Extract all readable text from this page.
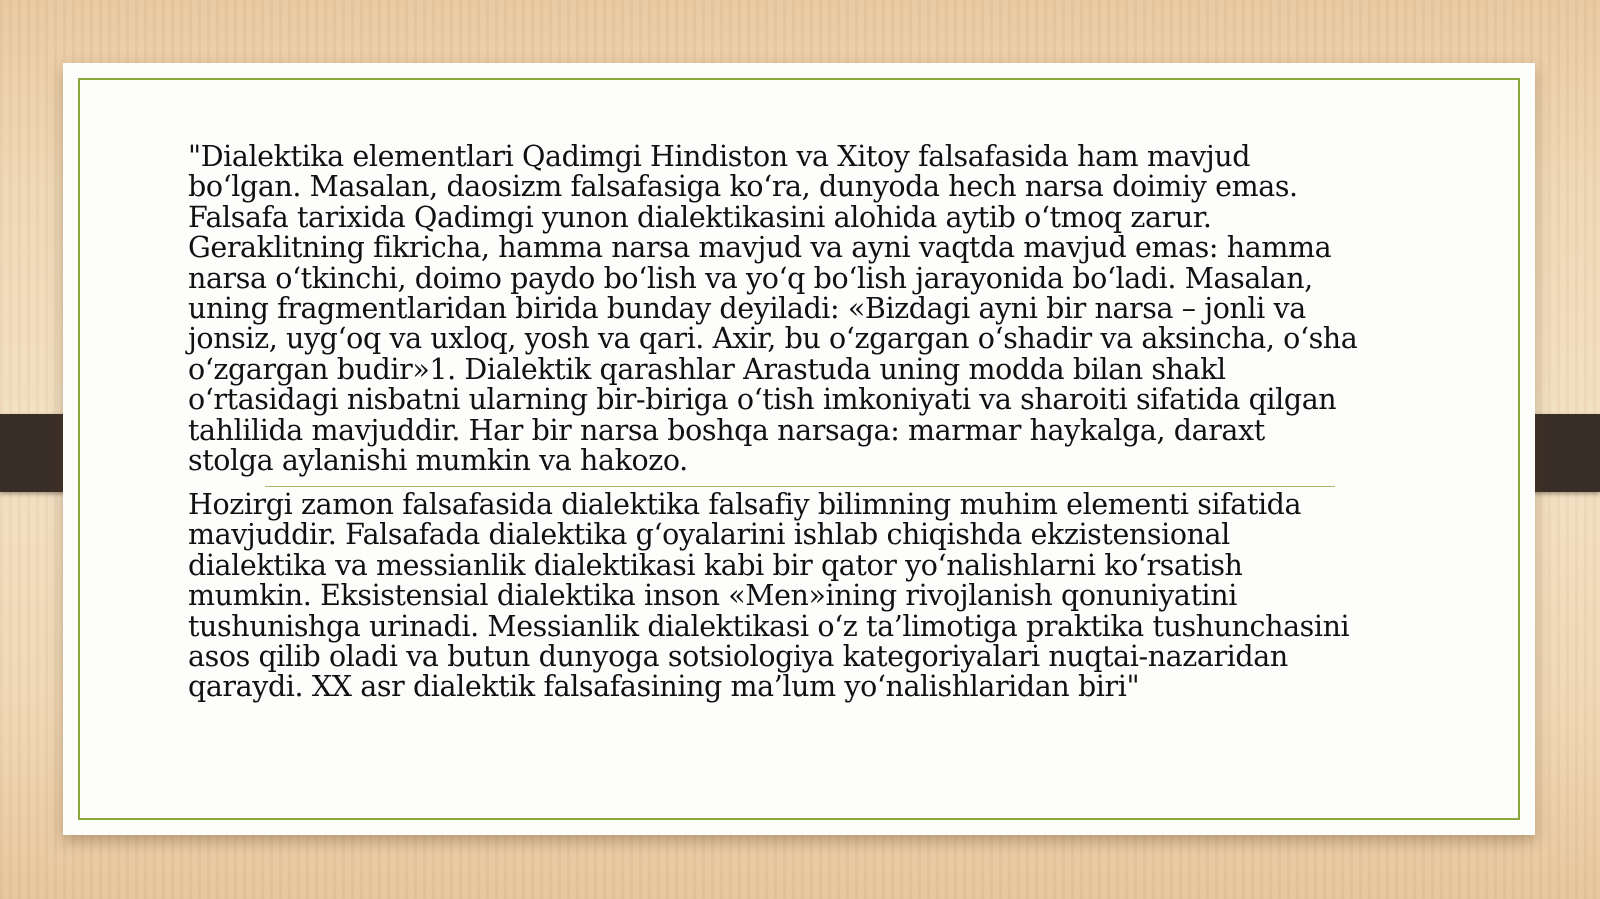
"Dialektika elementlari Qadimgi Hindiston va Xitoy falsafasida ham mavjud
bo‘lgan. Masalan, daosizm falsafasiga ko‘ra, dunyoda hech narsa doimiy emas.
Falsafa tarixida Qadimgi yunon dialektikasini alohida aytib o‘tmoq zarur.
Geraklitning fikricha, hamma narsa mavjud va ayni vaqtda mavjud emas: hamma
narsa o‘tkinchi, doimo paydo bo‘lish va yo‘q bo‘lish jarayonida bo‘ladi. Masalan,
uning fragmentlaridan birida bunday deyiladi: «Bizdagi ayni bir narsa – jonli va
jonsiz, uyg‘oq va uxloq, yosh va qari. Axir, bu o‘zgargan o‘shadir va aksincha, o‘sha
o‘zgargan budir»1. Dialektik qarashlar Arastuda uning modda bilan shakl
o‘rtasidagi nisbatni ularning bir-biriga o‘tish imkoniyati va sharoiti sifatida qilgan
tahlilida mavjuddir. Har bir narsa boshqa narsaga: marmar haykalga, daraxt
stolga aylanishi mumkin va hakozo.

Hozirgi zamon falsafasida dialektika falsafiy bilimning muhim elementi sifatida
mavjuddir. Falsafada dialektika g‘oyalarini ishlab chiqishda ekzistensional
dialektika va messianlik dialektikasi kabi bir qator yo‘nalishlarni ko‘rsatish
mumkin. Eksistensial dialektika inson «Men»ining rivojlanish qonuniyatini
tushunishga urinadi. Messianlik dialektikasi o‘z ta’limotiga praktika tushunchasini
asos qilib oladi va butun dunyoga sotsiologiya kategoriyalari nuqtai-nazaridan
qaraydi. XX asr dialektik falsafasining ma’lum yo‘nalishlaridan biri"
